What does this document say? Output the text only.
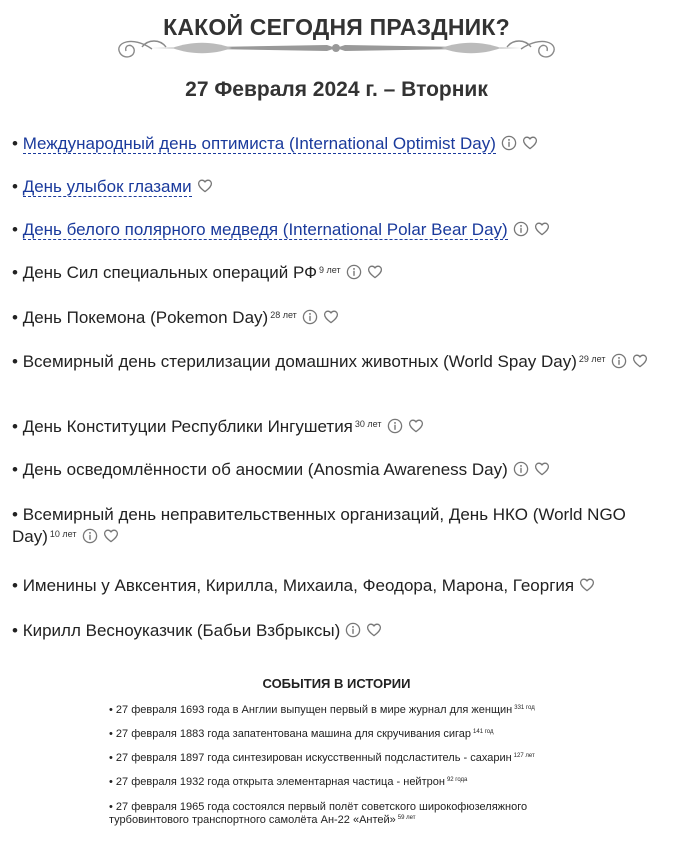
КАКОЙ СЕГОДНЯ ПРАЗДНИК?
27 Февраля 2024 г. – Вторник
• Международный день оптимиста (International Optimist Day)
• День улыбок глазами
• День белого полярного медведя (International Polar Bear Day)
• День Сил специальных операций РФ $^{9 лет}$
• День Покемона (Pokemon Day) $^{28 лет}$
• Всемирный день стерилизации домашних животных (World Spay Day) $^{29 лет}$
• День Конституции Республики Ингушетия $^{30 лет}$
• День осведомлённости об аносмии (Anosmia Awareness Day)
• Всемирный день неправительственных организаций, День НКО (World NGO Day) $^{10 лет}$
• Именины у Авксентия, Кирилла, Михаила, Феодора, Марона, Георгия
• Кирилл Весноуказчик (Бабьи Взбрыксы)
СОБЫТИЯ В ИСТОРИИ
• 27 февраля 1693 года в Англии выпущен первый в мире журнал для женщин $^{331 год}$
• 27 февраля 1883 года запатентована машина для скручивания сигар $^{141 год}$
• 27 февраля 1897 года синтезирован искусственный подсластитель - сахарин $^{127 лет}$
• 27 февраля 1932 года открыта элементарная частица - нейтрон $^{92 года}$
• 27 февраля 1965 года состоялся первый полёт советского широкофюзеляжного турбовинтового транспортного самолёта Ан-22 «Антей» $^{59 лет}$
